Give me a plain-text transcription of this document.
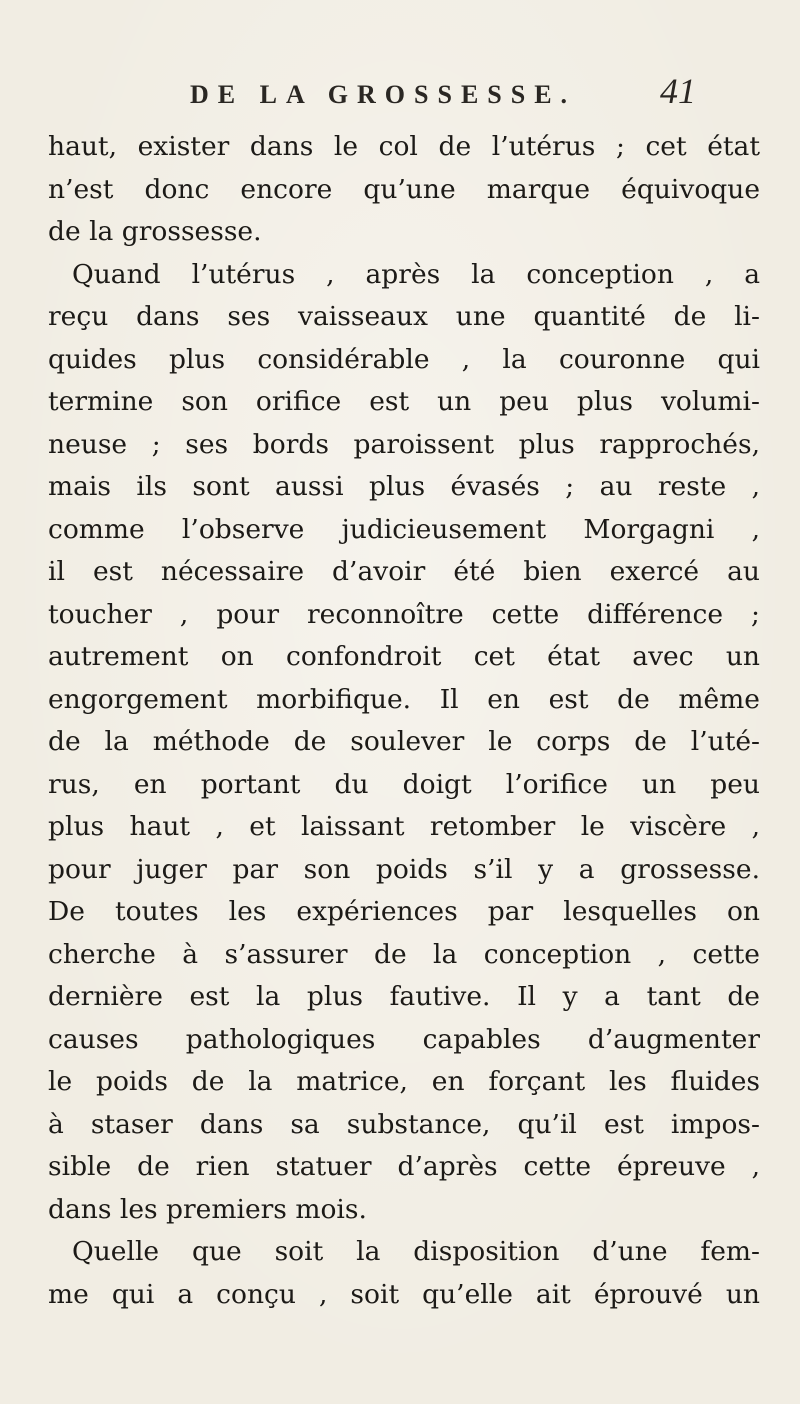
DE LA GROSSESSE. 41
haut, exister dans le col de l’utérus ; cet état
n’est donc encore qu’une marque équivoque
de la grossesse.
Quand l’utérus , après la conception , a
reçu dans ses vaisseaux une quantité de li-
quides plus considérable , la couronne qui
termine son orifice est un peu plus volumi-
neuse ; ses bords paroissent plus rapprochés,
mais ils sont aussi plus évasés ; au reste ,
comme l’observe judicieusement Morgagni ,
il est nécessaire d’avoir été bien exercé au
toucher , pour reconnoître cette différence ;
autrement on confondroit cet état avec un
engorgement morbifique. Il en est de même
de la méthode de soulever le corps de l’uté-
rus, en portant du doigt l’orifice un peu
plus haut , et laissant retomber le viscère ,
pour juger par son poids s’il y a grossesse.
De toutes les expériences par lesquelles on
cherche à s’assurer de la conception , cette
dernière est la plus fautive. Il y a tant de
causes pathologiques capables d’augmenter
le poids de la matrice, en forçant les fluides
à staser dans sa substance, qu’il est impos-
sible de rien statuer d’après cette épreuve ,
dans les premiers mois.
Quelle que soit la disposition d’une fem-
me qui a conçu , soit qu’elle ait éprouvé un
